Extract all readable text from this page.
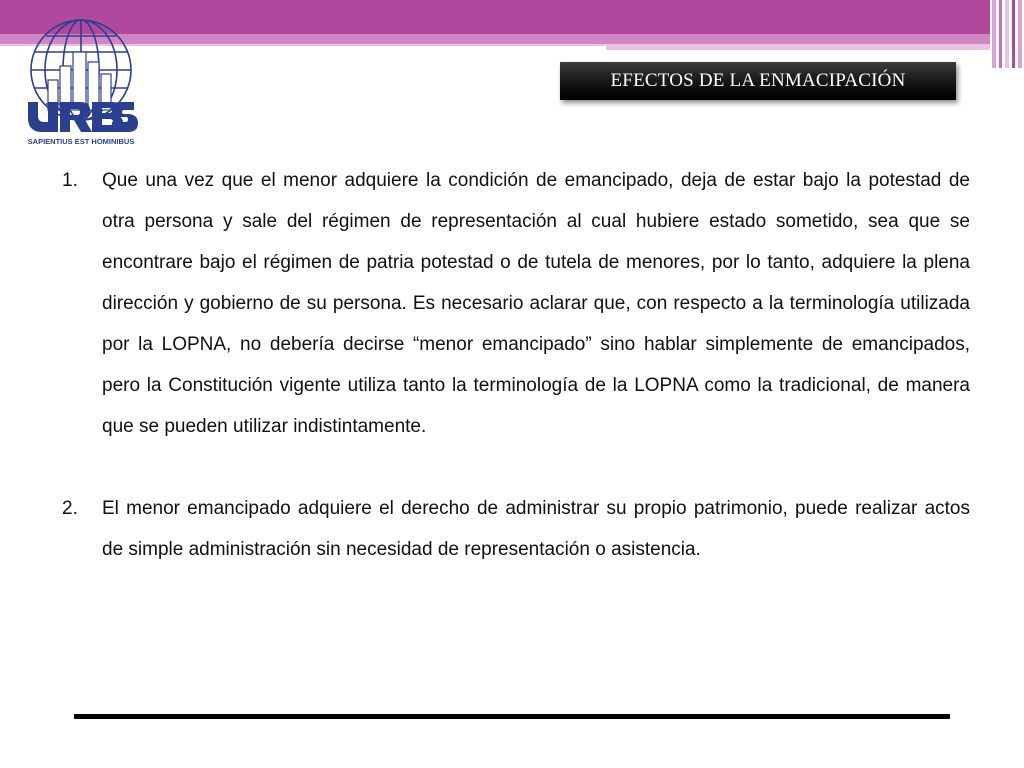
SAPIENTIUS EST HOMINIBUS
EFECTOS DE LA ENMACIPACIÓN
1.	Que una vez que el menor adquiere la condición de emancipado, deja de estar bajo la potestad de otra persona y sale del régimen de representación al cual hubiere estado sometido, sea que se encontrare bajo el régimen de patria potestad o de tutela de menores, por lo tanto, adquiere la plena dirección y gobierno de su persona. Es necesario aclarar que, con respecto a la terminología utilizada por la LOPNA, no debería decirse “menor emancipado” sino hablar simplemente de emancipados, pero la Constitución vigente utiliza tanto la terminología de la LOPNA como la tradicional, de manera que se pueden utilizar indistintamente.

2.	El menor emancipado adquiere el derecho de administrar su propio patrimonio, puede realizar actos de simple administración sin necesidad de representación o asistencia.
